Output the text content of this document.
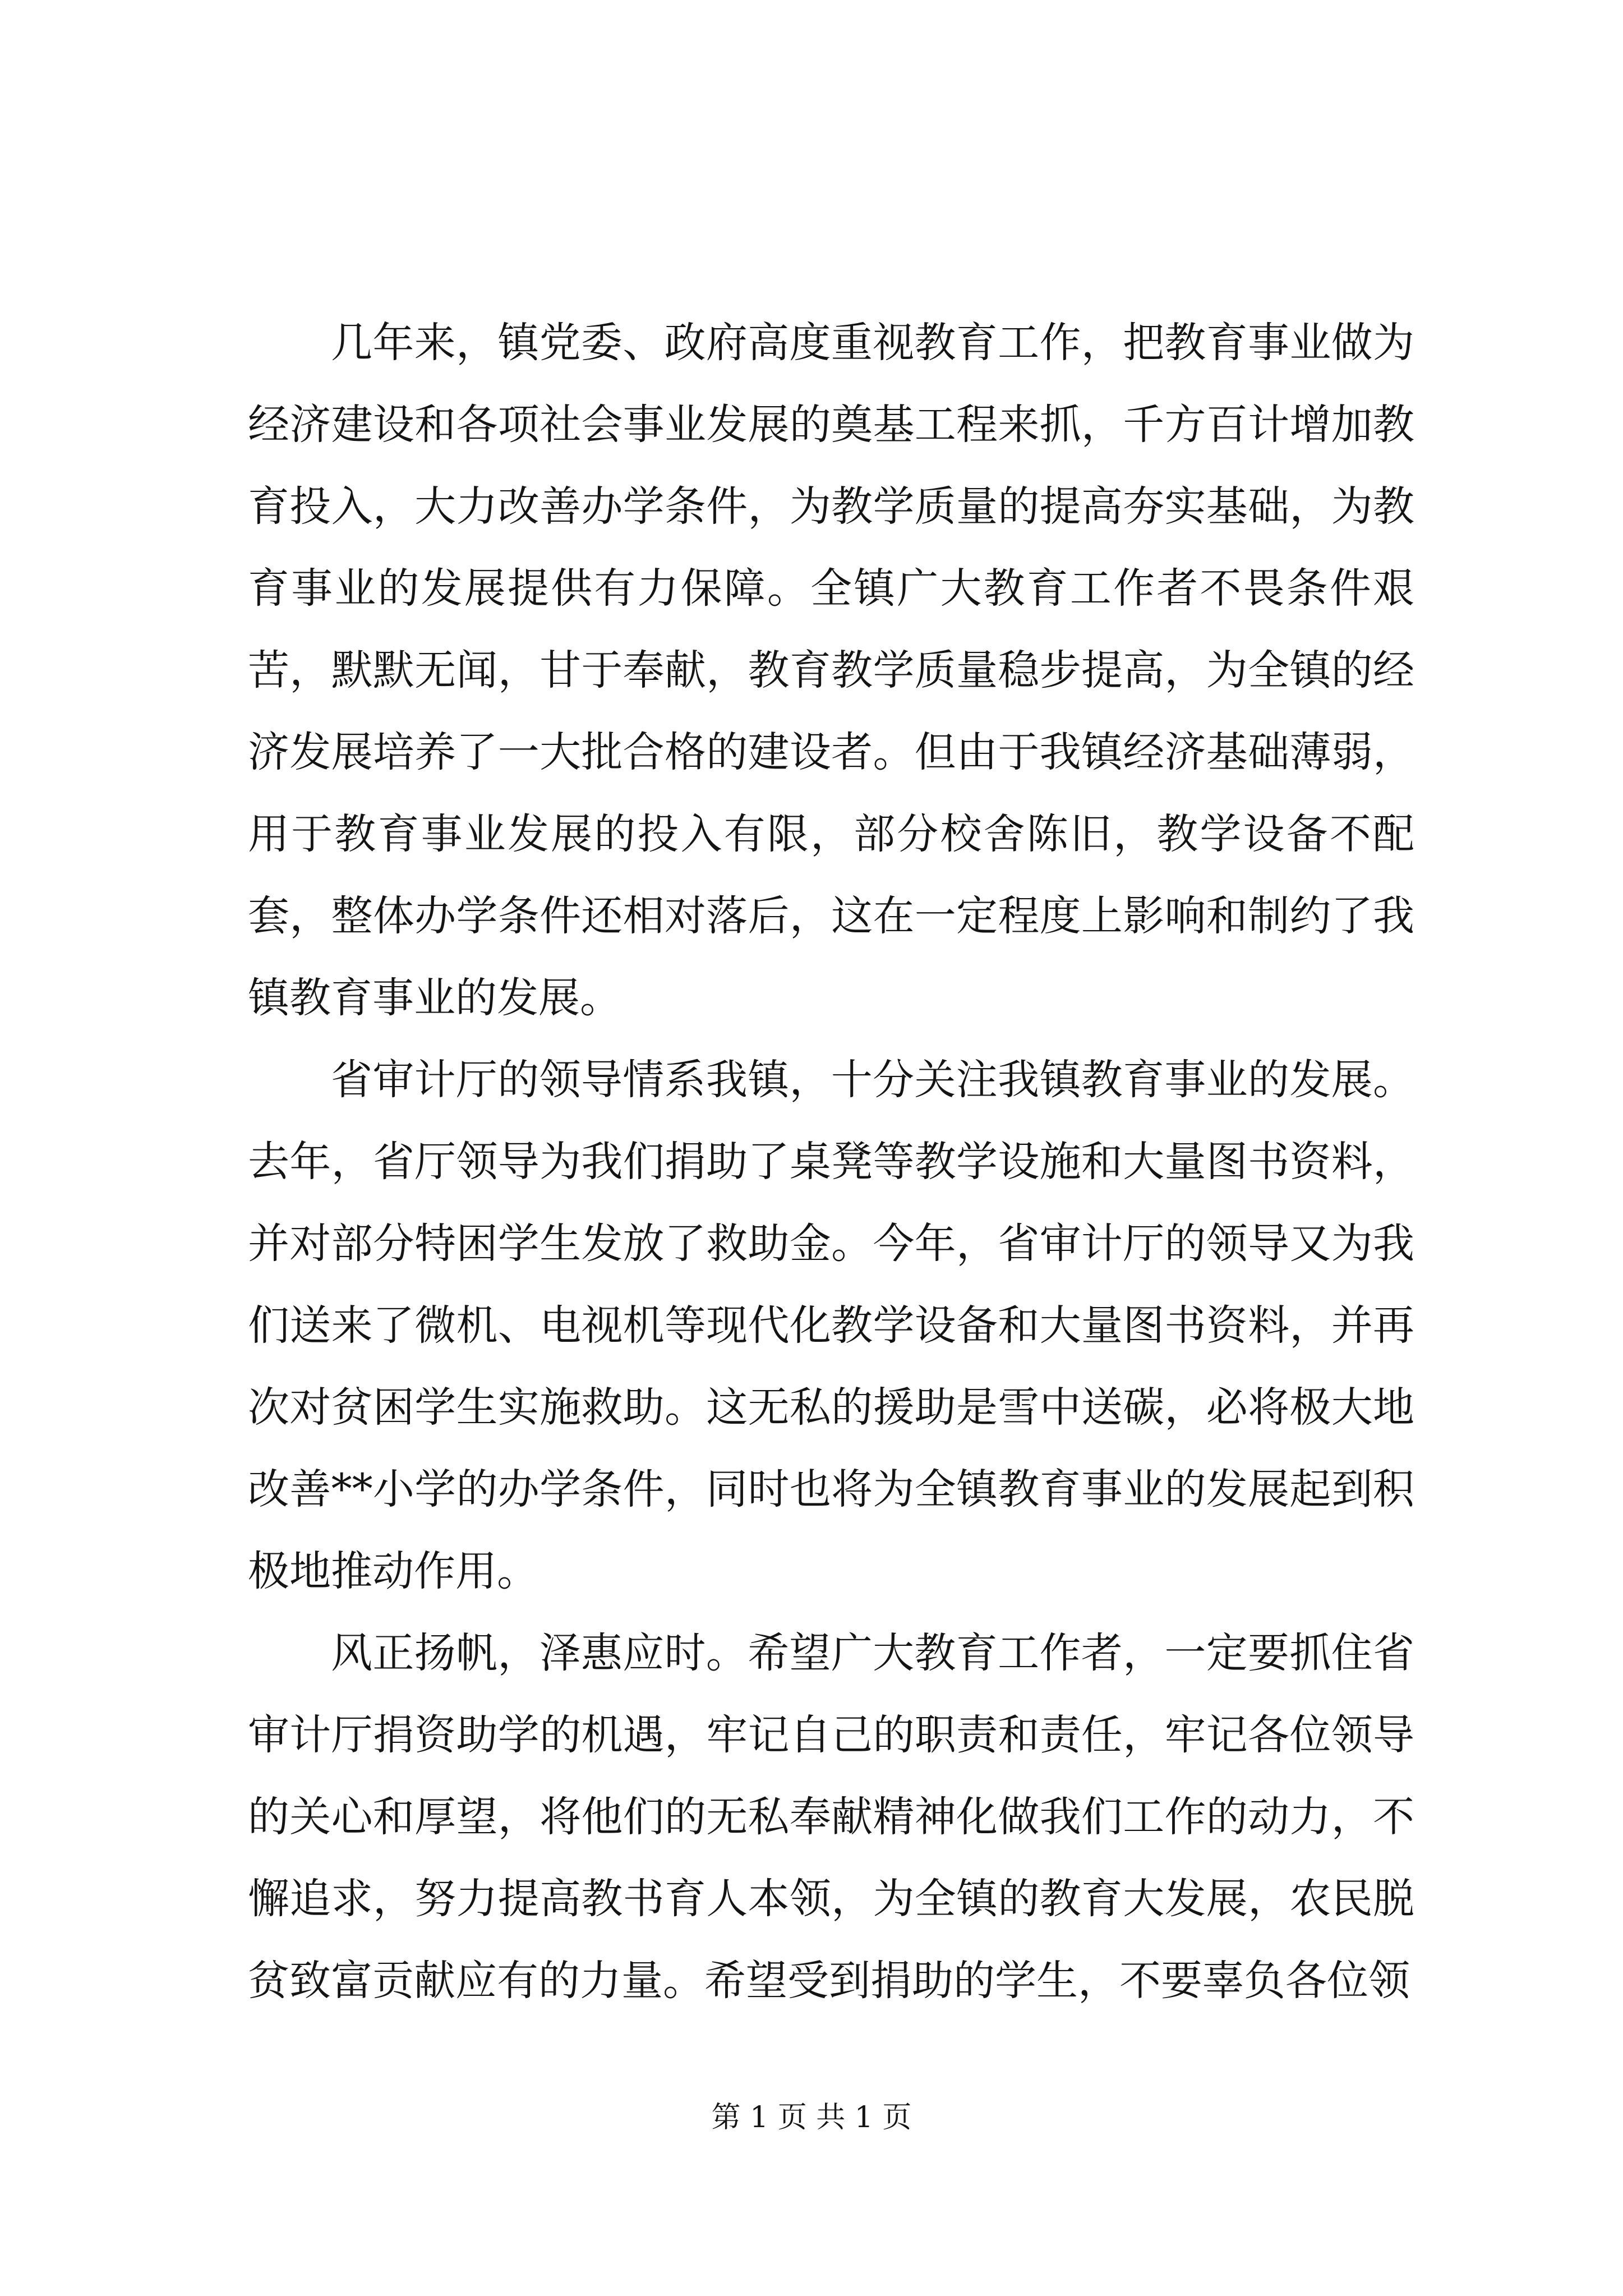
几年来，镇党委、政府高度重视教育工作，把教育事业做为经济建设和各项社会事业发展的奠基工程来抓，千方百计增加教育投入，大力改善办学条件，为教学质量的提高夯实基础，为教育事业的发展提供有力保障。全镇广大教育工作者不畏条件艰苦，默默无闻，甘于奉献，教育教学质量稳步提高，为全镇的经济发展培养了一大批合格的建设者。但由于我镇经济基础薄弱，用于教育事业发展的投入有限，部分校舍陈旧，教学设备不配套，整体办学条件还相对落后，这在一定程度上影响和制约了我镇教育事业的发展。

省审计厅的领导情系我镇，十分关注我镇教育事业的发展。去年，省厅领导为我们捐助了桌凳等教学设施和大量图书资料，并对部分特困学生发放了救助金。今年，省审计厅的领导又为我们送来了微机、电视机等现代化教学设备和大量图书资料，并再次对贫困学生实施救助。这无私的援助是雪中送碳，必将极大地改善**小学的办学条件，同时也将为全镇教育事业的发展起到积极地推动作用。

风正扬帆，泽惠应时。希望广大教育工作者，一定要抓住省审计厅捐资助学的机遇，牢记自己的职责和责任，牢记各位领导的关心和厚望，将他们的无私奉献精神化做我们工作的动力，不懈追求，努力提高教书育人本领，为全镇的教育大发展，农民脱贫致富贡献应有的力量。希望受到捐助的学生，不要辜负各位领

第 1 页 共 1 页
